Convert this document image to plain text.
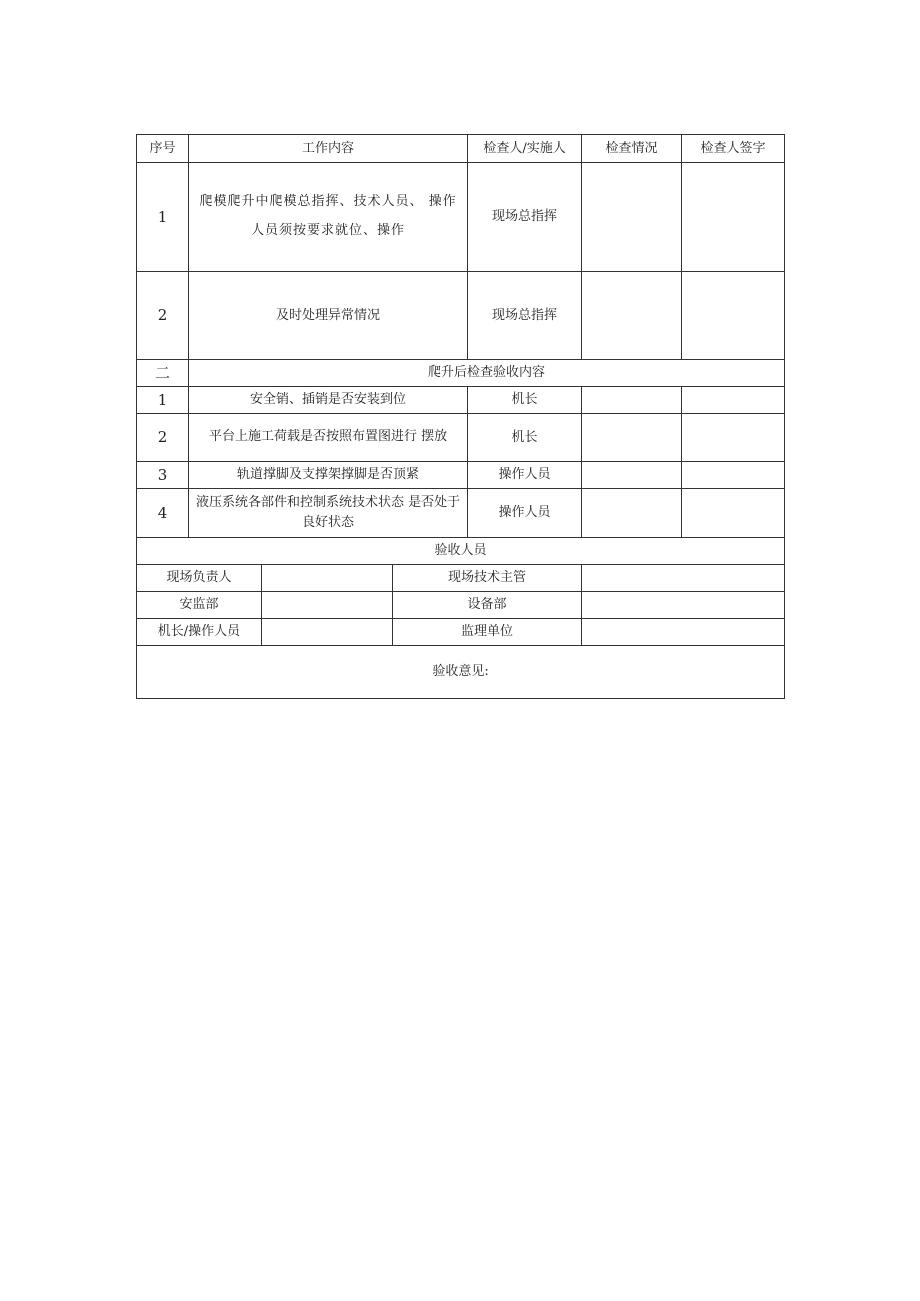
序号	工作内容			检查人/实施人	检查情况	检查人签字
1	爬模爬升中爬模总指挥、技术人员、 操作人员须按要求就位、操作			现场总指挥		
2	及时处理异常情况			现场总指挥		
二	爬升后检查验收内容					
1	安全销、插销是否安装到位			机长		
2	平台上施工荷载是否按照布置图进行 摆放			机长		
3	轨道撑脚及支撑架撑脚是否顶紧			操作人员		
4	液压系统各部件和控制系统技术状态 是否处于良好状态			操作人员		
验收人员						
现场负责人			现场技术主管			
安监部			设备部			
机长/操作人员			监理单位			
验收意见:						
